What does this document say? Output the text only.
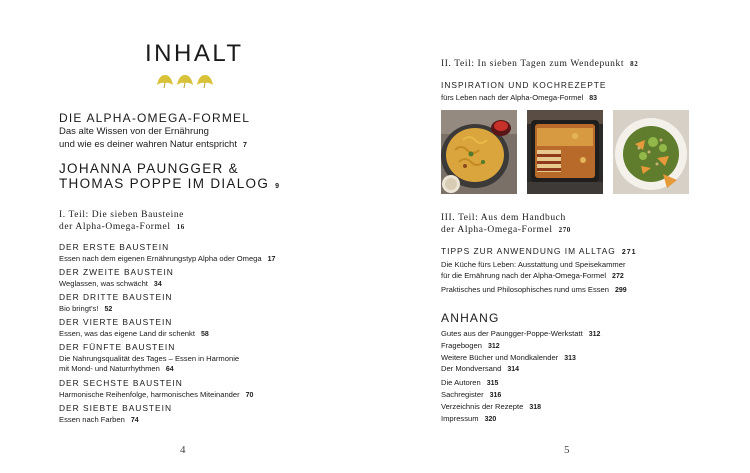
INHALT
DIE ALPHA-OMEGA-FORMEL
Das alte Wissen von der Ernährung
und wie es deiner wahren Natur entspricht 7
JOHANNA PAUNGGER &
THOMAS POPPE IM DIALOG 9
I. Teil: Die sieben Bausteine
der Alpha-Omega-Formel 16
DER ERSTE BAUSTEIN
Essen nach dem eigenen Ernährungstyp Alpha oder Omega 17
DER ZWEITE BAUSTEIN
Weglassen, was schwächt 34
DER DRITTE BAUSTEIN
Bio bringt's! 52
DER VIERTE BAUSTEIN
Essen, was das eigene Land dir schenkt 58
DER FÜNFTE BAUSTEIN
Die Nahrungsqualität des Tages – Essen in Harmonie
mit Mond- und Naturrhythmen 64
DER SECHSTE BAUSTEIN
Harmonische Reihenfolge, harmonisches Miteinander 70
DER SIEBTE BAUSTEIN
Essen nach Farben 74
4
II. Teil: In sieben Tagen zum Wendepunkt 82
INSPIRATION UND KOCHREZEPTE
fürs Leben nach der Alpha-Omega-Formel 83
III. Teil: Aus dem Handbuch
der Alpha-Omega-Formel 270
TIPPS ZUR ANWENDUNG IM ALLTAG 271
Die Küche fürs Leben: Ausstattung und Speisekammer
für die Ernährung nach der Alpha-Omega-Formel 272
Praktisches und Philosophisches rund ums Essen 299
ANHANG
Gutes aus der Paungger-Poppe-Werkstatt 312
Fragebogen 312
Weitere Bücher und Mondkalender 313
Der Mondversand 314
Die Autoren 315
Sachregister 316
Verzeichnis der Rezepte 318
Impressum 320
5
